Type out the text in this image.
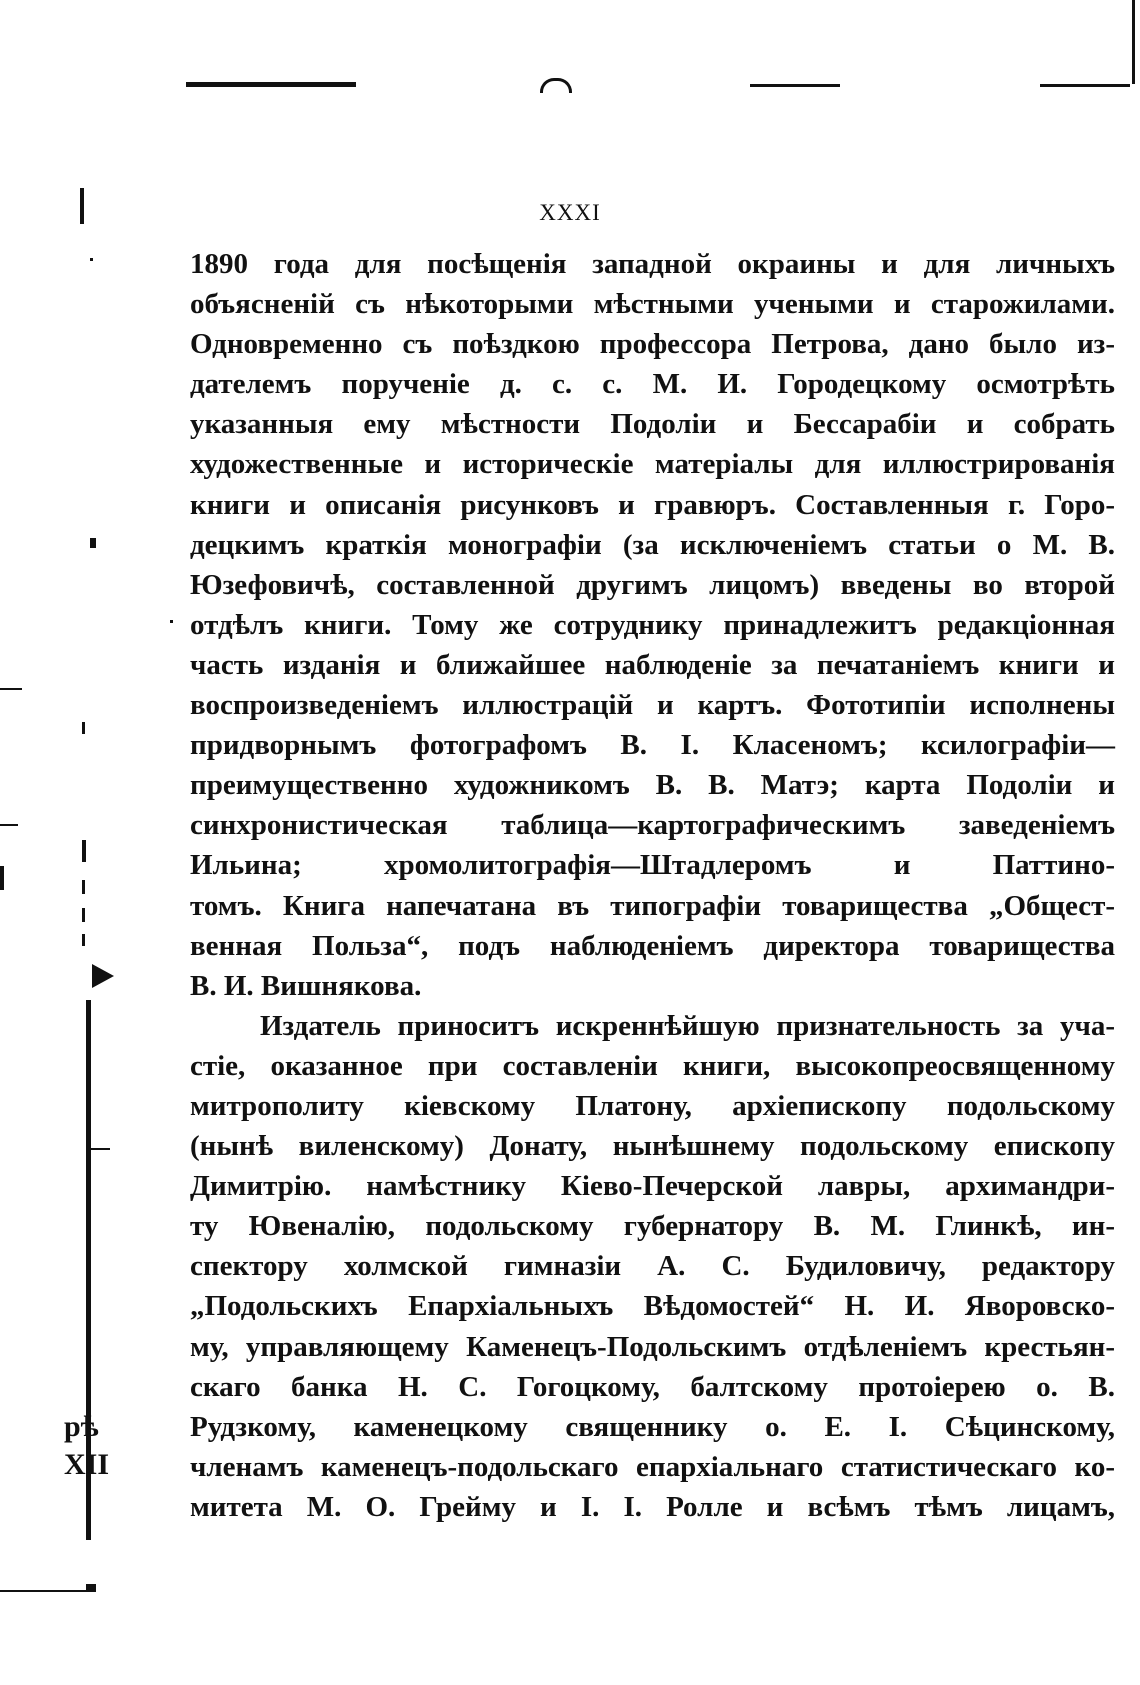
рѣ
XII
XXXI
1890 года для посѣщенія западной окраины и для личныхъ
объясненій съ нѣкоторыми мѣстными учеными и старожилами.
Одновременно съ поѣздкою профессора Петрова, дано было из-
дателемъ порученіе д. с. с. М. И. Городецкому осмотрѣть
указанныя ему мѣстности Подоліи и Бессарабіи и собрать
художественные и историческіе матеріалы для иллюстрированія
книги и описанія рисунковъ и гравюръ. Составленныя г. Горо-
децкимъ краткія монографіи (за исключеніемъ статьи о М. В.
Юзефовичѣ, составленной другимъ лицомъ) введены во второй
отдѣлъ книги. Тому же сотруднику принадлежитъ редакціонная
часть изданія и ближайшее наблюденіе за печатаніемъ книги и
воспроизведеніемъ иллюстрацій и картъ. Фототипіи исполнены
придворнымъ фотографомъ В. І. Класеномъ; ксилографіи—
преимущественно художникомъ В. В. Матэ; карта Подоліи и
синхронистическая таблица—картографическимъ заведеніемъ
Ильина; хромолитографія—Штадлеромъ и Паттино-
томъ. Книга напечатана въ типографіи товарищества „Общест-
венная Польза“, подъ наблюденіемъ директора товарищества
В. И. Вишнякова.
Издатель приноситъ искреннѣйшую признательность за уча-
стіе, оказанное при составленіи книги, высокопреосвященному
митрополиту кіевскому Платону, архіепископу подольскому
(нынѣ виленскому) Донату, нынѣшнему подольскому епископу
Димитрію. намѣстнику Кіево-Печерской лавры, архимандри-
ту Ювеналію, подольскому губернатору В. М. Глинкѣ, ин-
спектору холмской гимназіи А. С. Будиловичу, редактору
„Подольскихъ Епархіальныхъ Вѣдомостей“ Н. И. Яворовско-
му, управляющему Каменецъ-Подольскимъ отдѣленіемъ крестьян-
скаго банка Н. С. Гогоцкому, балтскому протоіерею о. В.
Рудзкому, каменецкому священнику о. Е. І. Сѣцинскому,
членамъ каменецъ-подольскаго епархіальнаго статистическаго ко-
митета М. О. Греймy и І. І. Ролле и всѣмъ тѣмъ лицамъ,
